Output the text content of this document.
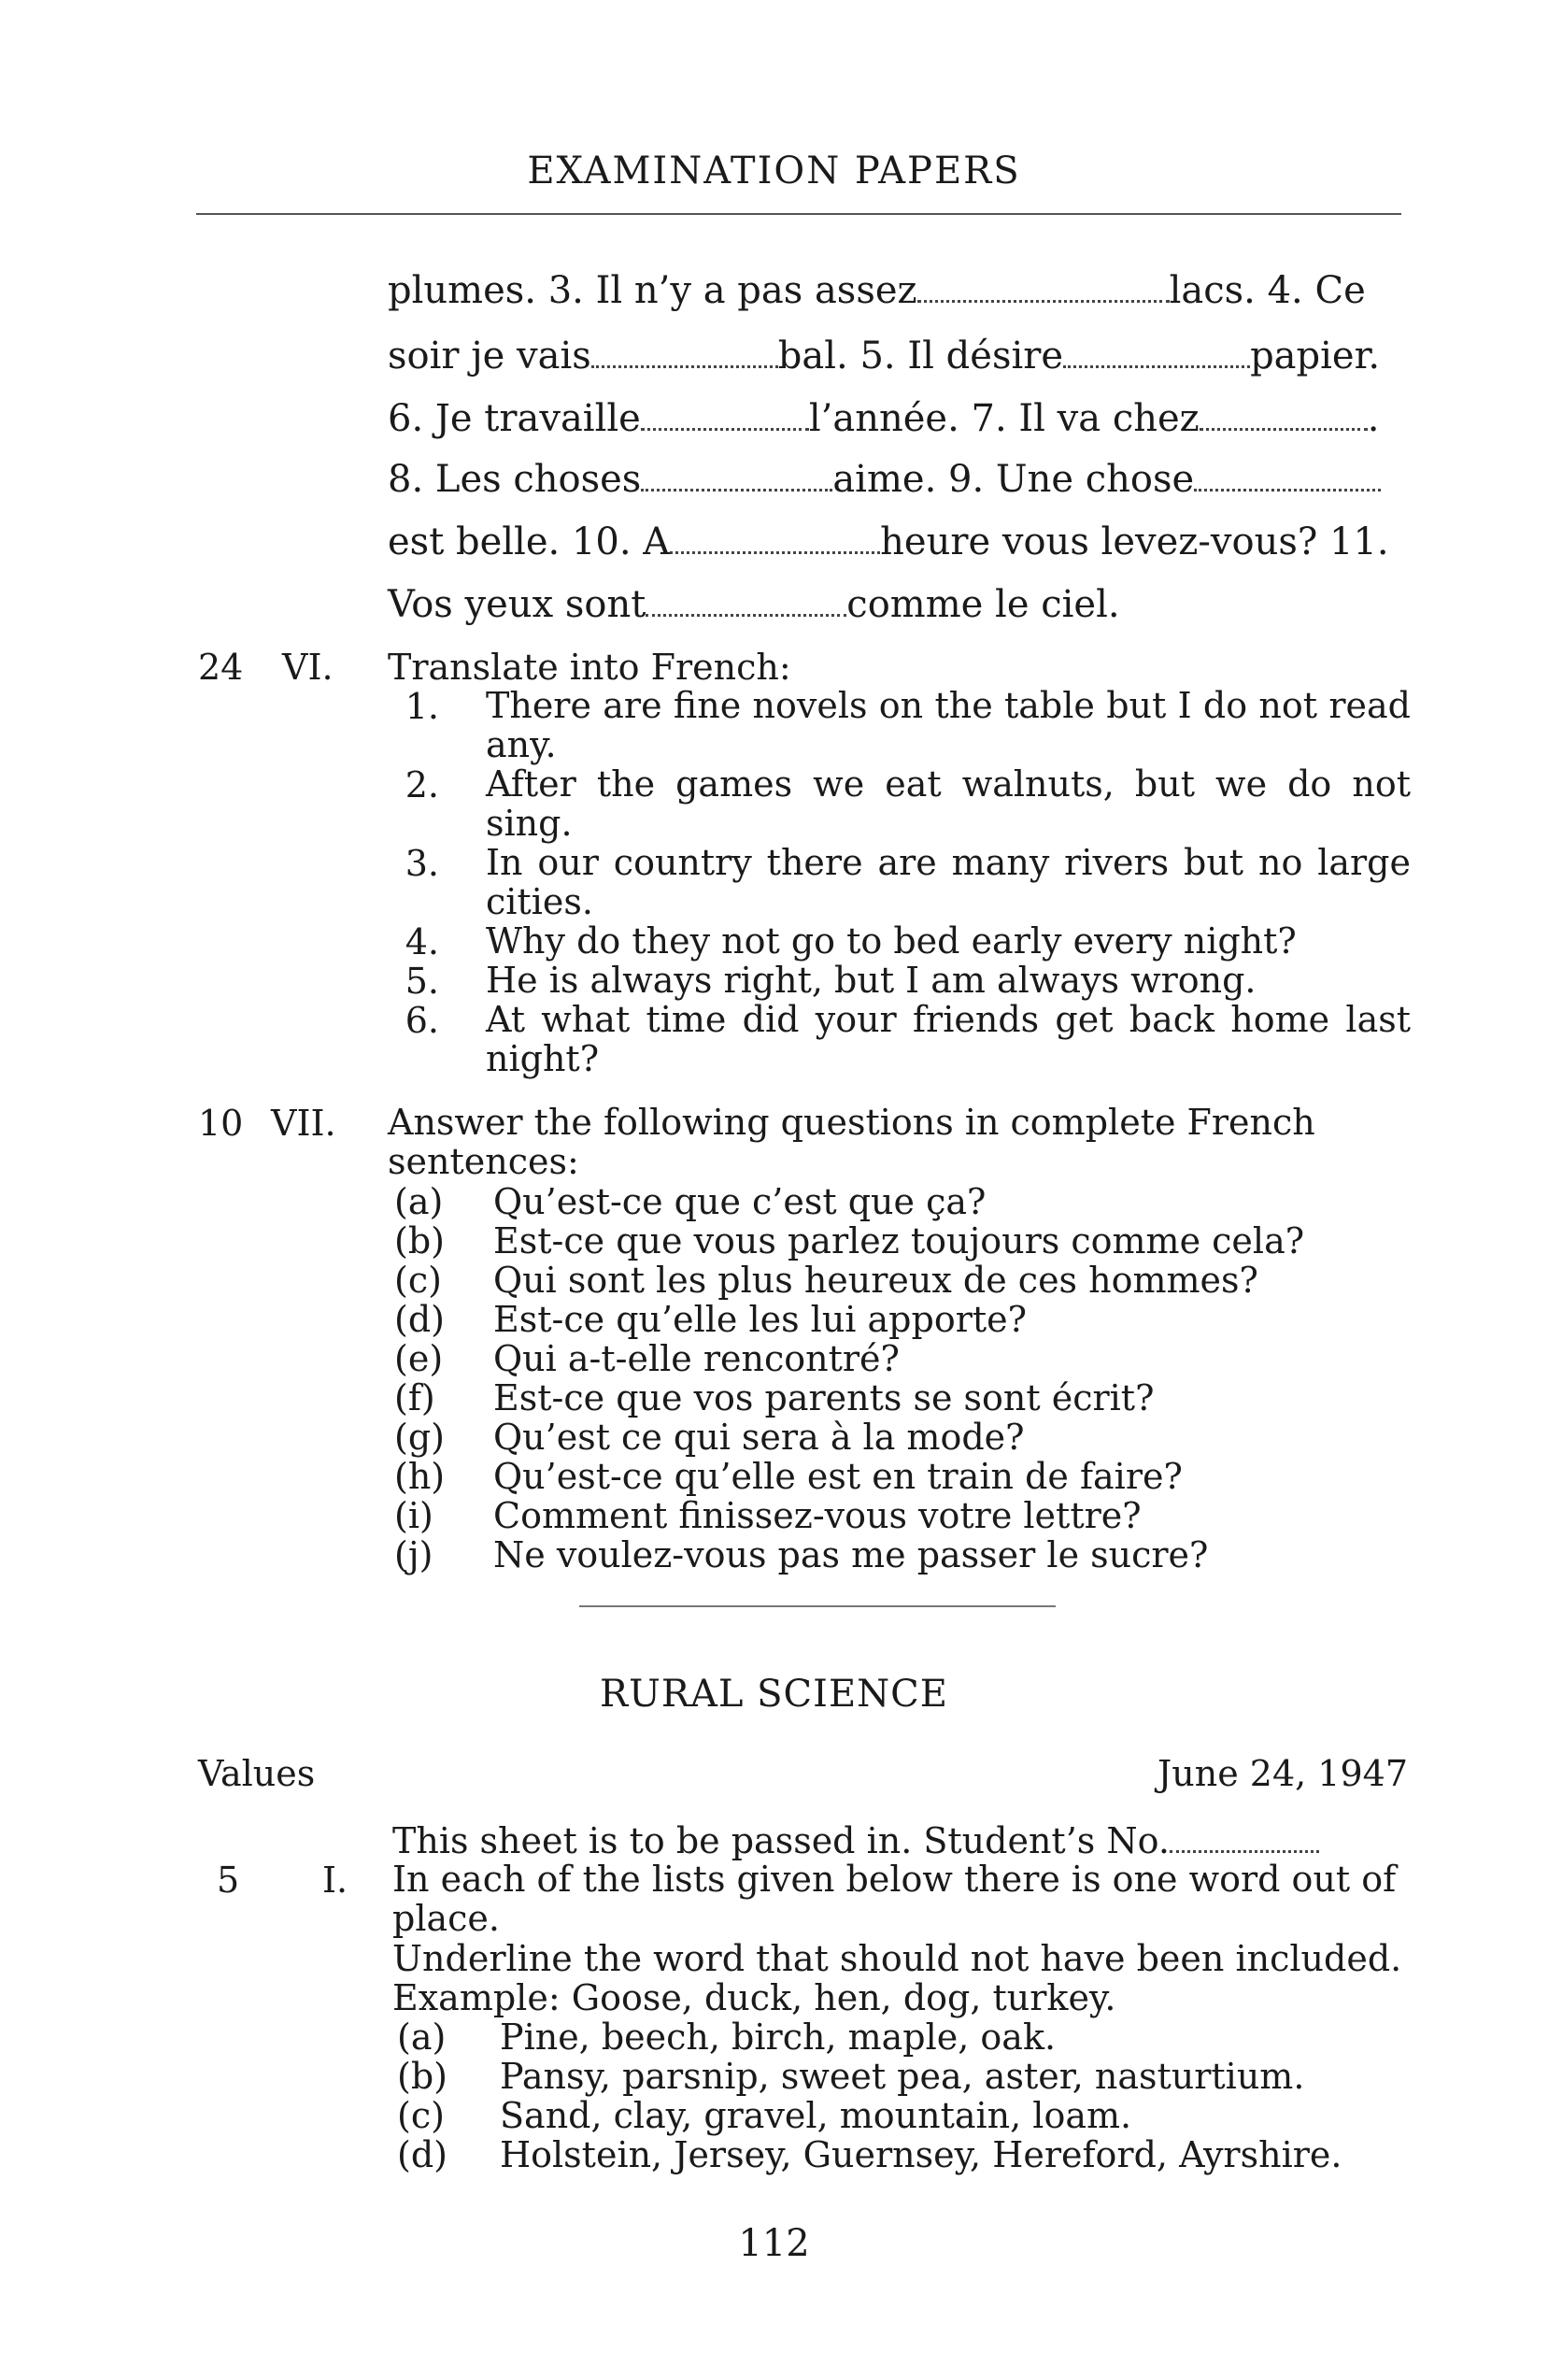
EXAMINATION PAPERS
plumes. 3. Il n’y a pas assez	lacs. 4. Ce
soir je vais	bal. 5. Il désire	papier.
6. Je travaille	l’année. 7. Il va chez	.
8. Les choses	aime. 9. Une chose
est belle. 10. A	heure vous levez-vous? 11.
Vos yeux sont	comme le ciel.
24 VI. Translate into French:
1. There are fine novels on the table but I do not read any.
2. After the games we eat walnuts, but we do not sing.
3. In our country there are many rivers but no large cities.
4. Why do they not go to bed early every night?
5. He is always right, but I am always wrong.
6. At what time did your friends get back home last night?
10 VII. Answer the following questions in complete French sentences:
(a) Qu’est-ce que c’est que ça?
(b) Est-ce que vous parlez toujours comme cela?
(c) Qui sont les plus heureux de ces hommes?
(d) Est-ce qu’elle les lui apporte?
(e) Qui a-t-elle rencontré?
(f) Est-ce que vos parents se sont écrit?
(g) Qu’est ce qui sera à la mode?
(h) Qu’est-ce qu’elle est en train de faire?
(i) Comment finissez-vous votre lettre?
(j) Ne voulez-vous pas me passer le sucre?
RURAL SCIENCE
Values	June 24, 1947
This sheet is to be passed in. Student’s No.
5 I. In each of the lists given below there is one word out of place.
Underline the word that should not have been included.
Example: Goose, duck, hen, dog, turkey.
(a) Pine, beech, birch, maple, oak.
(b) Pansy, parsnip, sweet pea, aster, nasturtium.
(c) Sand, clay, gravel, mountain, loam.
(d) Holstein, Jersey, Guernsey, Hereford, Ayrshire.
112
